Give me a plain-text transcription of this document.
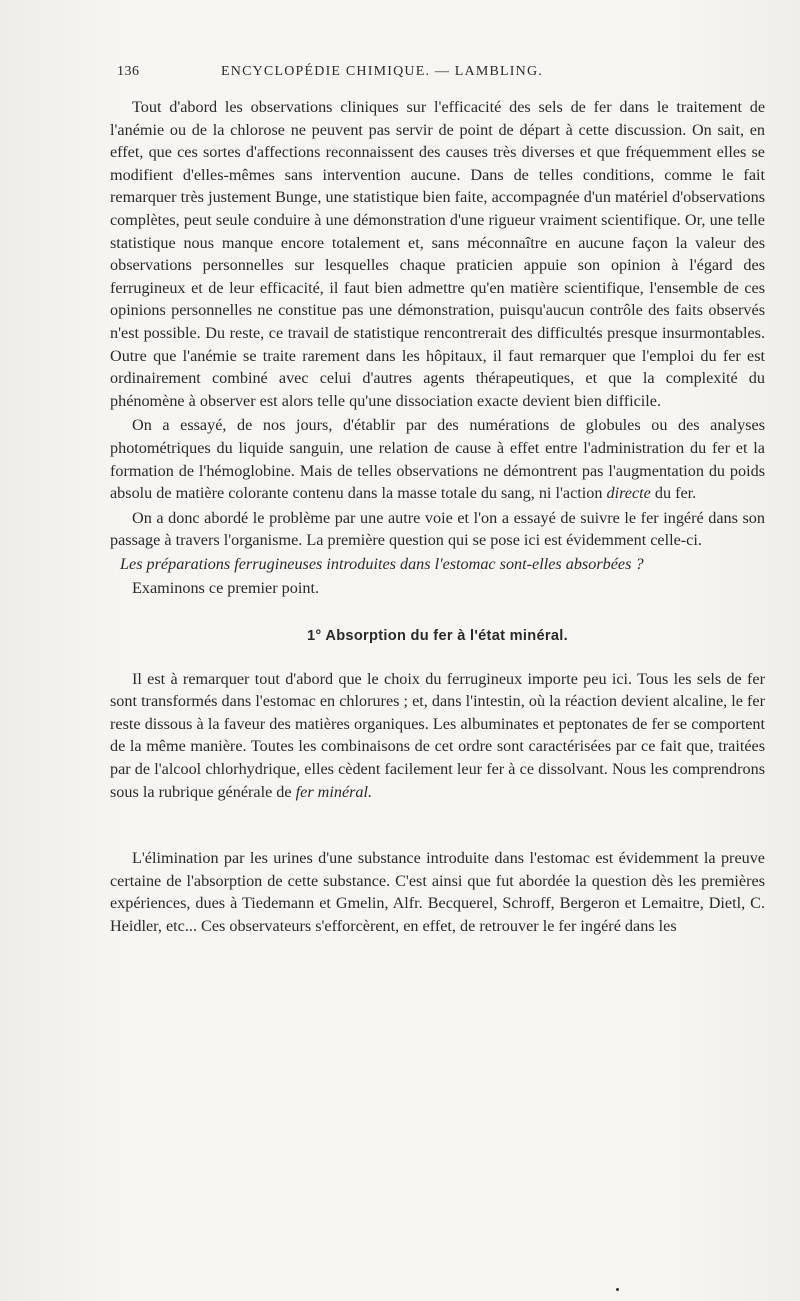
136	ENCYCLOPÉDIE CHIMIQUE. — LAMBLING.

Tout d'abord les observations cliniques sur l'efficacité des sels de fer dans le traitement de l'anémie ou de la chlorose ne peuvent pas servir de point de départ à cette discussion. On sait, en effet, que ces sortes d'affections reconnaissent des causes très diverses et que fréquemment elles se modifient d'elles-mêmes sans intervention aucune. Dans de telles conditions, comme le fait remarquer très justement Bunge, une statistique bien faite, accompagnée d'un matériel d'observations complètes, peut seule conduire à une démonstration d'une rigueur vraiment scientifique. Or, une telle statistique nous manque encore totalement et, sans méconnaître en aucune façon la valeur des observations personnelles sur lesquelles chaque praticien appuie son opinion à l'égard des ferrugineux et de leur efficacité, il faut bien admettre qu'en matière scientifique, l'ensemble de ces opinions personnelles ne constitue pas une démonstration, puisqu'aucun contrôle des faits observés n'est possible. Du reste, ce travail de statistique rencontrerait des difficultés presque insurmontables. Outre que l'anémie se traite rarement dans les hôpitaux, il faut remarquer que l'emploi du fer est ordinairement combiné avec celui d'autres agents thérapeutiques, et que la complexité du phénomène à observer est alors telle qu'une dissociation exacte devient bien difficile.

On a essayé, de nos jours, d'établir par des numérations de globules ou des analyses photométriques du liquide sanguin, une relation de cause à effet entre l'administration du fer et la formation de l'hémoglobine. Mais de telles observations ne démontrent pas l'augmentation du poids absolu de matière colorante contenu dans la masse totale du sang, ni l'action directe du fer.

On a donc abordé le problème par une autre voie et l'on a essayé de suivre le fer ingéré dans son passage à travers l'organisme. La première question qui se pose ici est évidemment celle-ci.

Les préparations ferrugineuses introduites dans l'estomac sont-elles absorbées ?

Examinons ce premier point.

1° Absorption du fer à l'état minéral.

Il est à remarquer tout d'abord que le choix du ferrugineux importe peu ici. Tous les sels de fer sont transformés dans l'estomac en chlorures ; et, dans l'intestin, où la réaction devient alcaline, le fer reste dissous à la faveur des matières organiques. Les albuminates et peptonates de fer se comportent de la même manière. Toutes les combinaisons de cet ordre sont caractérisées par ce fait que, traitées par de l'alcool chlorhydrique, elles cèdent facilement leur fer à ce dissolvant. Nous les comprendrons sous la rubrique générale de fer minéral.

L'élimination par les urines d'une substance introduite dans l'estomac est évidemment la preuve certaine de l'absorption de cette substance. C'est ainsi que fut abordée la question dès les premières expériences, dues à Tiedemann et Gmelin, Alfr. Becquerel, Schroff, Bergeron et Lemaitre, Dietl, C. Heidler, etc... Ces observateurs s'efforcèrent, en effet, de retrouver le fer ingéré dans les
